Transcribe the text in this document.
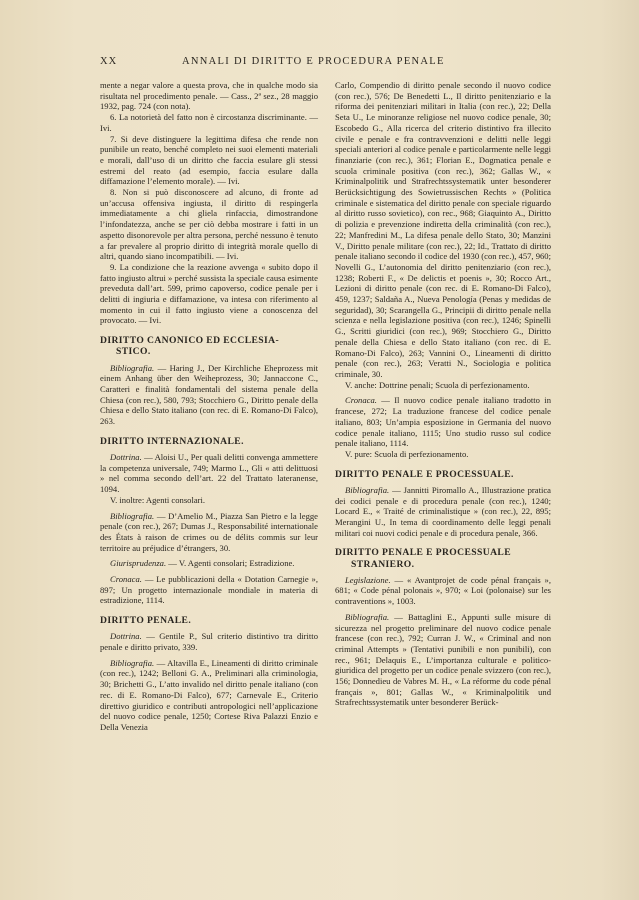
XX	ANNALI DI DIRITTO E PROCEDURA PENALE

mente a negar valore a questa prova, che in qualche modo sia risultata nel procedimento penale. — Cass., 2ª sez., 28 maggio 1932, pag. 724 (con nota).

6. La notorietà del fatto non è circostanza discriminante. — Ivi.

7. Si deve distinguere la legittima difesa che rende non punibile un reato, benché completo nei suoi elementi materiali e morali, dall’uso di un diritto che faccia esulare gli stessi estremi del reato (ad esempio, faccia esulare dalla diffamazione l’elemento morale). — Ivi.

8. Non si può disconoscere ad alcuno, di fronte ad un’accusa offensiva ingiusta, il diritto di respingerla immediatamente a chi gliela rinfaccia, dimostrandone l’infondatezza, anche se per ciò debba mostrare i fatti in un aspetto disonorevole per altra persona, perché nessuno è tenuto a far prevalere al proprio diritto di integrità morale quello di altri, quando siano incompatibili. — Ivi.

9. La condizione che la reazione avvenga « subito dopo il fatto ingiusto altrui » perché sussista la speciale causa esimente preveduta dall’art. 599, primo capoverso, codice penale per i delitti di ingiuria e diffamazione, va intesa con riferimento al momento in cui il fatto ingiusto viene a conoscenza del provocato. — Ivi.

DIRITTO CANONICO ED ECCLESIA-
STICO.

Bibliografia. — Haring J., Der Kirchliche Eheprozess mit einem Anhang über den Weiheprozess, 30; Jannaccone C., Caratteri e finalità fondamentali del sistema penale della Chiesa (con rec.), 580, 793; Stocchiero G., Diritto penale della Chiesa e dello Stato italiano (con rec. di E. Romano-Di Falco), 263.

DIRITTO INTERNAZIONALE.

Dottrina. — Aloisi U., Per quali delitti convenga ammettere la competenza universale, 749; Marmo L., Gli « atti delittuosi » nel comma secondo dell’art. 22 del Trattato lateranense, 1094.

V. inoltre: Agenti consolari.

Bibliografia. — D’Amelio M., Piazza San Pietro e la legge penale (con rec.), 267; Dumas J., Responsabilité internationale des États à raison de crimes ou de délits commis sur leur territoire au préjudice d’étrangers, 30.

Giurisprudenza. — V. Agenti consolari; Estradizione.

Cronaca. — Le pubblicazioni della « Dotation Carnegie », 897; Un progetto internazionale mondiale in materia di estradizione, 1114.

DIRITTO PENALE.

Dottrina. — Gentile P., Sul criterio distintivo tra diritto penale e diritto privato, 339.

Bibliografia. — Altavilla E., Lineamenti di diritto criminale (con rec.), 1242; Belloni G. A., Preliminari alla criminologia, 30; Brichetti G., L’atto invalido nel diritto penale italiano (con rec. di E. Romano-Di Falco), 677; Carnevale E., Criterio direttivo giuridico e contributi antropologici nell’applicazione del nuovo codice penale, 1250; Cortese Riva Palazzi Enzio e Della Venezia

Carlo, Compendio di diritto penale secondo il nuovo codice (con rec.), 576; De Benedetti L., Il diritto penitenziario e la riforma dei penitenziari militari in Italia (con rec.), 22; Della Seta U., Le minoranze religiose nel nuovo codice penale, 30; Escobedo G., Alla ricerca del criterio distintivo fra illecito civile e penale e fra contravvenzioni e delitti nelle leggi speciali anteriori al codice penale e particolarmente nelle leggi finanziarie (con rec.), 361; Florian E., Dogmatica penale e scuola criminale positiva (con rec.), 362; Gallas W., « Kriminalpolitik und Strafrechtssystematik unter besonderer Berücksichtigung des Sowietrussischen Rechts » (Politica criminale e sistematica del diritto penale con speciale riguardo al diritto russo sovietico), con rec., 968; Giaquinto A., Diritto di polizia e prevenzione indiretta della criminalità (con rec.), 22; Manfredini M., La difesa penale dello Stato, 30; Manzini V., Diritto penale militare (con rec.), 22; Id., Trattato di diritto penale italiano secondo il codice del 1930 (con rec.), 457, 960; Novelli G., L’autonomia del diritto penitenziario (con rec.), 1238; Roberti F., « De delictis et poenis », 30; Rocco Art., Lezioni di diritto penale (con rec. di E. Romano-Di Falco), 459, 1237; Saldaña A., Nueva Penología (Penas y medidas de seguridad), 30; Scarangella G., Principii di diritto penale nella scienza e nella legislazione positiva (con rec.), 1246; Spinelli G., Scritti giuridici (con rec.), 969; Stocchiero G., Diritto penale della Chiesa e dello Stato italiano (con rec. di E. Romano-Di Falco), 263; Vannini O., Lineamenti di diritto penale (con rec.), 263; Veratti N., Sociologia e politica criminale, 30.

V. anche: Dottrine penali; Scuola di perfezionamento.

Cronaca. — Il nuovo codice penale italiano tradotto in francese, 272; La traduzione francese del codice penale italiano, 803; Un’ampia esposizione in Germania del nuovo codice penale italiano, 1115; Uno studio russo sul codice penale italiano, 1114.

V. pure: Scuola di perfezionamento.

DIRITTO PENALE E PROCESSUALE.

Bibliografia. — Jannitti Piromallo A., Illustrazione pratica dei codici penale e di procedura penale (con rec.), 1240; Locard E., « Traité de criminalistique » (con rec.), 22, 895; Merangini U., In tema di coordinamento delle leggi penali militari coi nuovi codici penale e di procedura penale, 366.

DIRITTO PENALE E PROCESSUALE
STRANIERO.

Legislazione. — « Avantprojet de code pénal français », 681; « Code pénal polonais », 970; « Loi (polonaise) sur les contraventions », 1003.

Bibliografia. — Battaglini E., Appunti sulle misure di sicurezza nel progetto preliminare del nuovo codice penale francese (con rec.), 792; Curran J. W., « Criminal and non criminal Attempts » (Tentativi punibili e non punibili), con rec., 961; Delaquis E., L’importanza culturale e politico-giuridica del progetto per un codice penale svizzero (con rec.), 156; Donnedieu de Vabres M. H., « La réforme du code pénal français », 801; Gallas W., « Kriminalpolitik und Strafrechtssystematik unter besonderer Berück-
